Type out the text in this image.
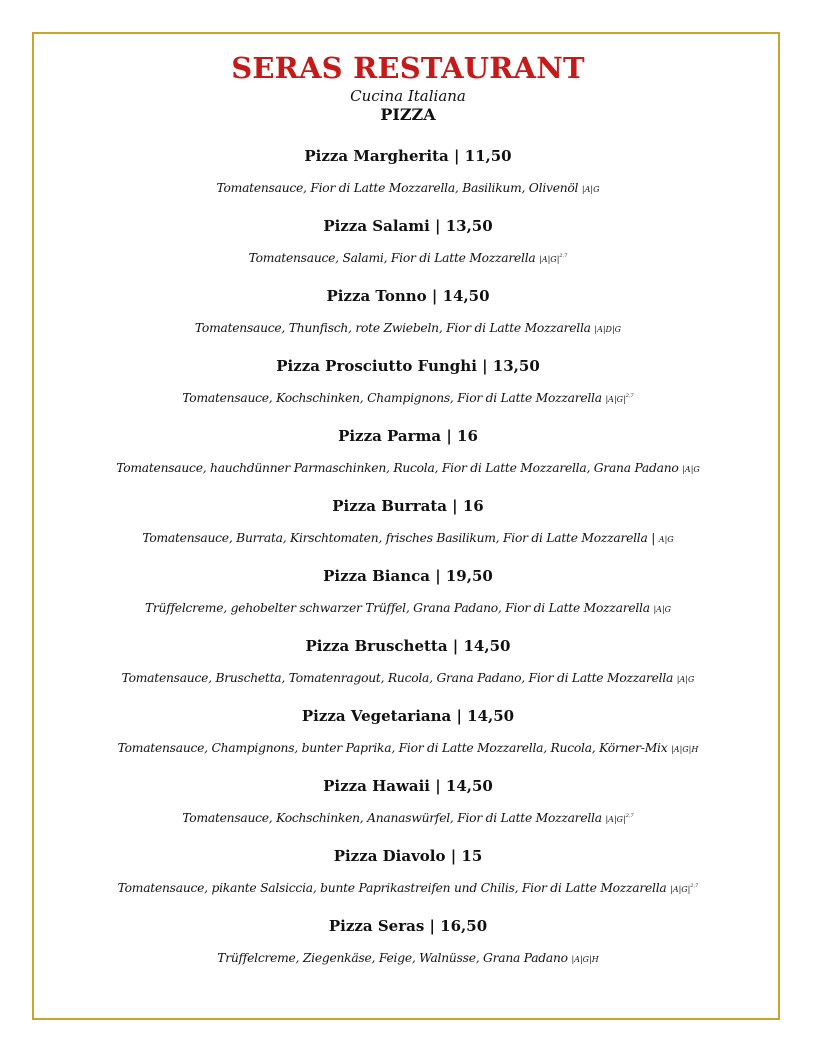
SERAS RESTAURANT
Cucina Italiana
PIZZA
Pizza Margherita | 11,50
Tomatensauce, Fior di Latte Mozzarella, Basilikum, Olivenöl |A|G
Pizza Salami | 13,50
Tomatensauce, Salami, Fior di Latte Mozzarella $|A|G|^{2,7}$
Pizza Tonno | 14,50
Tomatensauce, Thunfisch, rote Zwiebeln, Fior di Latte Mozzarella |A|D|G
Pizza Prosciutto Funghi | 13,50
Tomatensauce, Kochschinken, Champignons, Fior di Latte Mozzarella $|A|G|^{2,7}$
Pizza Parma | 16
Tomatensauce, hauchdünner Parmaschinken, Rucola, Fior di Latte Mozzarella, Grana Padano |A|G
Pizza Burrata | 16
Tomatensauce, Burrata, Kirschtomaten, frisches Basilikum, Fior di Latte Mozzarella | A|G
Pizza Bianca | 19,50
Trüffelcreme, gehobelter schwarzer Trüffel, Grana Padano, Fior di Latte Mozzarella |A|G
Pizza Bruschetta | 14,50
Tomatensauce, Bruschetta, Tomatenragout, Rucola, Grana Padano, Fior di Latte Mozzarella |A|G
Pizza Vegetariana | 14,50
Tomatensauce, Champignons, bunter Paprika, Fior di Latte Mozzarella, Rucola, Körner-Mix |A|G|H
Pizza Hawaii | 14,50
Tomatensauce, Kochschinken, Ananaswürfel, Fior di Latte Mozzarella $|A|G|^{2,7}$
Pizza Diavolo | 15
Tomatensauce, pikante Salsiccia, bunte Paprikastreifen und Chilis, Fior di Latte Mozzarella $|A|G|^{2,7}$
Pizza Seras | 16,50
Trüffelcreme, Ziegenkäse, Feige, Walnüsse, Grana Padano |A|G|H
